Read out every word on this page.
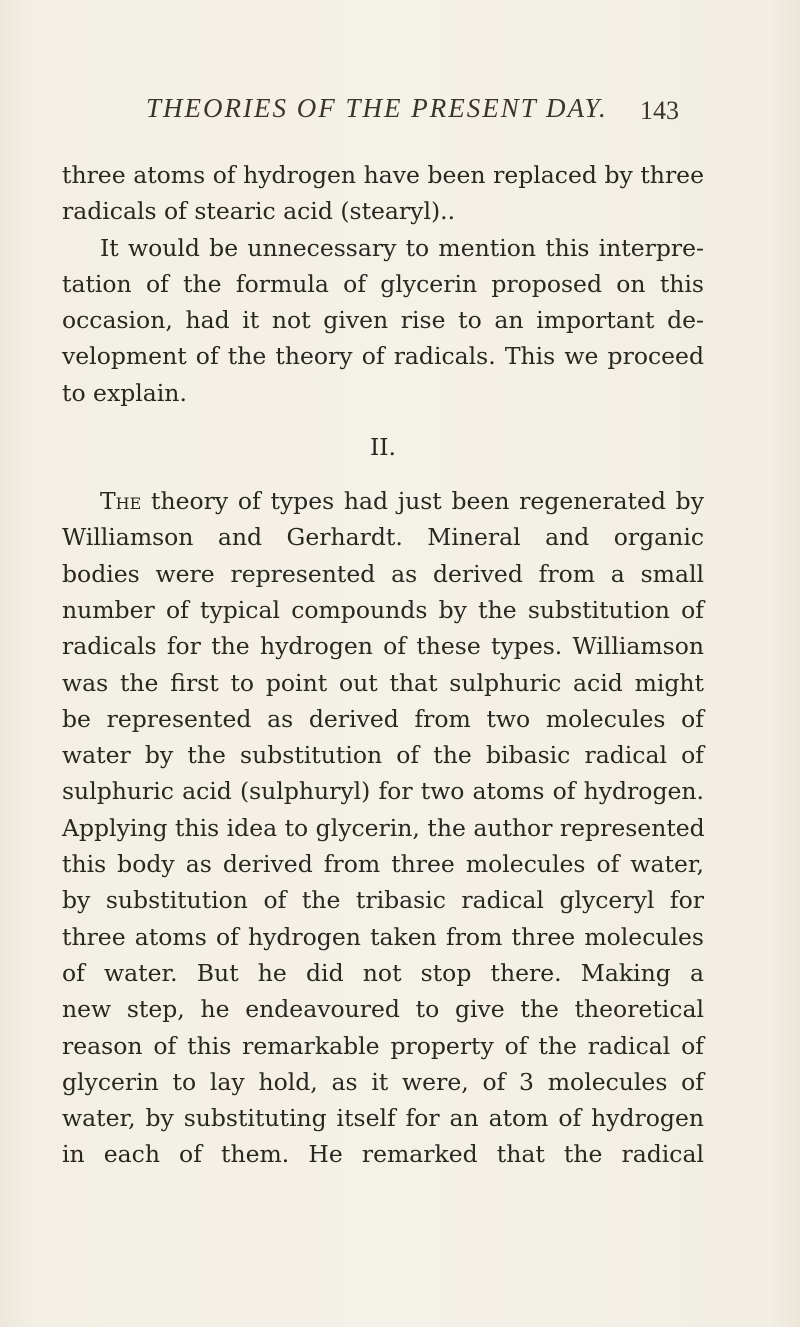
THEORIES OF THE PRESENT DAY. 143
three atoms of hydrogen have been replaced by three
radicals of stearic acid (stearyl)..
It would be unnecessary to mention this interpre-
tation of the formula of glycerin proposed on this
occasion, had it not given rise to an important de-
velopment of the theory of radicals. This we proceed
to explain.
II.
The theory of types had just been regenerated by
Williamson and Gerhardt. Mineral and organic
bodies were represented as derived from a small
number of typical compounds by the substitution of
radicals for the hydrogen of these types. Williamson
was the first to point out that sulphuric acid might
be represented as derived from two molecules of
water by the substitution of the bibasic radical of
sulphuric acid (sulphuryl) for two atoms of hydrogen.
Applying this idea to glycerin, the author represented
this body as derived from three molecules of water,
by substitution of the tribasic radical glyceryl for
three atoms of hydrogen taken from three molecules
of water. But he did not stop there. Making a
new step, he endeavoured to give the theoretical
reason of this remarkable property of the radical of
glycerin to lay hold, as it were, of 3 molecules of
water, by substituting itself for an atom of hydrogen
in each of them. He remarked that the radical
